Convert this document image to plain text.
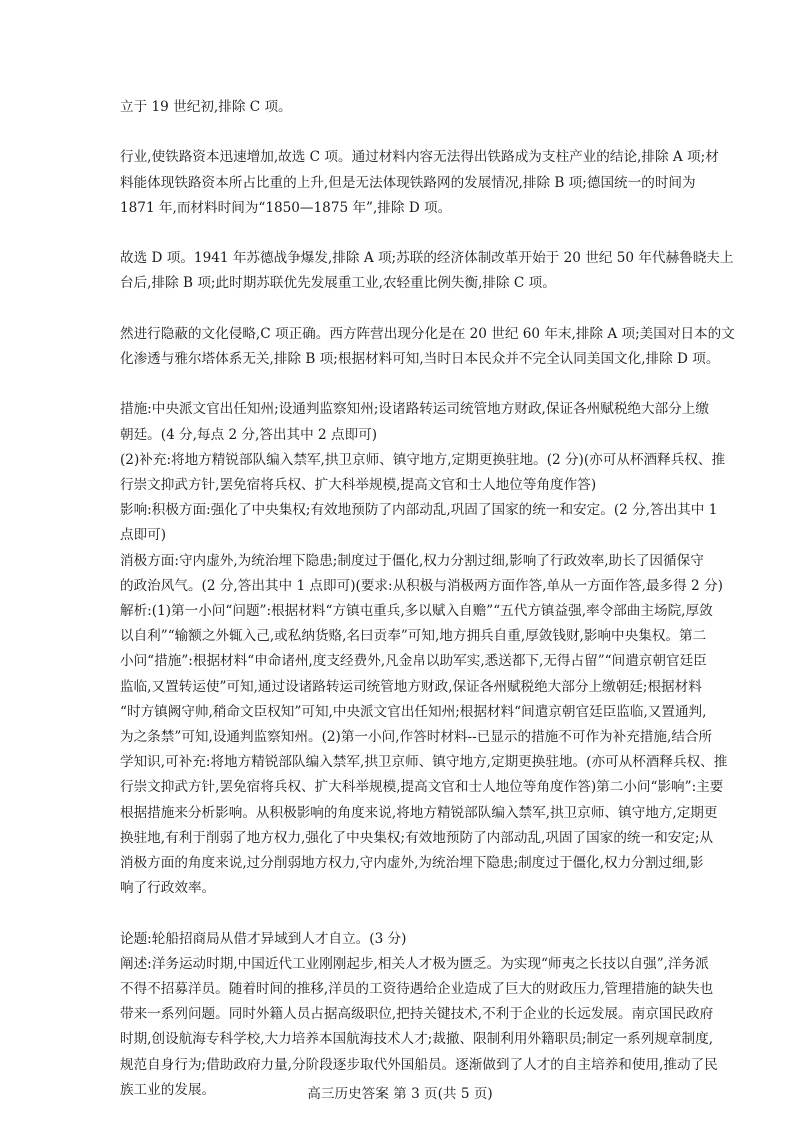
立于 19 世纪初,排除 C 项。
行业,使铁路资本迅速增加,故选 C 项。通过材料内容无法得出铁路成为支柱产业的结论,排除 A 项;材
料能体现铁路资本所占比重的上升,但是无法体现铁路网的发展情况,排除 B 项;德国统一的时间为
1871 年,而材料时间为“1850—1875 年”,排除 D 项。
故选 D 项。1941 年苏德战争爆发,排除 A 项;苏联的经济体制改革开始于 20 世纪 50 年代赫鲁晓夫上
台后,排除 B 项;此时期苏联优先发展重工业,农轻重比例失衡,排除 C 项。
然进行隐蔽的文化侵略,C 项正确。西方阵营出现分化是在 20 世纪 60 年末,排除 A 项;美国对日本的文
化渗透与雅尔塔体系无关,排除 B 项;根据材料可知,当时日本民众并不完全认同美国文化,排除 D 项。
措施:中央派文官出任知州;设通判监察知州;设诸路转运司统管地方财政,保证各州赋税绝大部分上缴
朝廷。(4 分,每点 2 分,答出其中 2 点即可)
(2)补充:将地方精锐部队编入禁军,拱卫京师、镇守地方,定期更换驻地。(2 分)(亦可从杯酒释兵权、推
行崇文抑武方针,罢免宿将兵权、扩大科举规模,提高文官和士人地位等角度作答)
影响:积极方面:强化了中央集权;有效地预防了内部动乱,巩固了国家的统一和安定。(2 分,答出其中 1
点即可)
消极方面:守内虚外,为统治埋下隐患;制度过于僵化,权力分割过细,影响了行政效率,助长了因循保守
的政治风气。(2 分,答出其中 1 点即可)(要求:从积极与消极两方面作答,单从一方面作答,最多得 2 分)
解析:(1)第一小问“问题”:根据材料“方镇屯重兵,多以赋入自赡”“五代方镇益强,率令部曲主场院,厚敛
以自利”“输额之外辄入己,或私纳货赂,名曰贡奉”可知,地方拥兵自重,厚敛钱财,影响中央集权。第二
小问“措施”:根据材料“申命诸州,度支经费外,凡金帛以助军实,悉送都下,无得占留”“间遣京朝官廷臣
监临,又置转运使”可知,通过设诸路转运司统管地方财政,保证各州赋税绝大部分上缴朝廷;根据材料
“时方镇阙守帅,稍命文臣权知”可知,中央派文官出任知州;根据材料“间遣京朝官廷臣监临,又置通判,
为之条禁”可知,设通判监察知州。(2)第一小问,作答时材料--已显示的措施不可作为补充措施,结合所
学知识,可补充:将地方精锐部队编入禁军,拱卫京师、镇守地方,定期更换驻地。(亦可从杯酒释兵权、推
行崇文抑武方针,罢免宿将兵权、扩大科举规模,提高文官和士人地位等角度作答)第二小问“影响”:主要
根据措施来分析影响。从积极影响的角度来说,将地方精锐部队编入禁军,拱卫京师、镇守地方,定期更
换驻地,有利于削弱了地方权力,强化了中央集权;有效地预防了内部动乱,巩固了国家的统一和安定;从
消极方面的角度来说,过分削弱地方权力,守内虚外,为统治埋下隐患;制度过于僵化,权力分割过细,影
响了行政效率。
论题:轮船招商局从借才异域到人才自立。(3 分)
阐述:洋务运动时期,中国近代工业刚刚起步,相关人才极为匮乏。为实现“师夷之长技以自强”,洋务派
不得不招募洋员。随着时间的推移,洋员的工资待遇给企业造成了巨大的财政压力,管理措施的缺失也
带来一系列问题。同时外籍人员占据高级职位,把持关键技术,不利于企业的长远发展。南京国民政府
时期,创设航海专科学校,大力培养本国航海技术人才;裁撤、限制利用外籍职员;制定一系列规章制度,
规范自身行为;借助政府力量,分阶段逐步取代外国船员。逐渐做到了人才的自主培养和使用,推动了民
族工业的发展。	高三历史答案 第 3 页(共 5 页)
